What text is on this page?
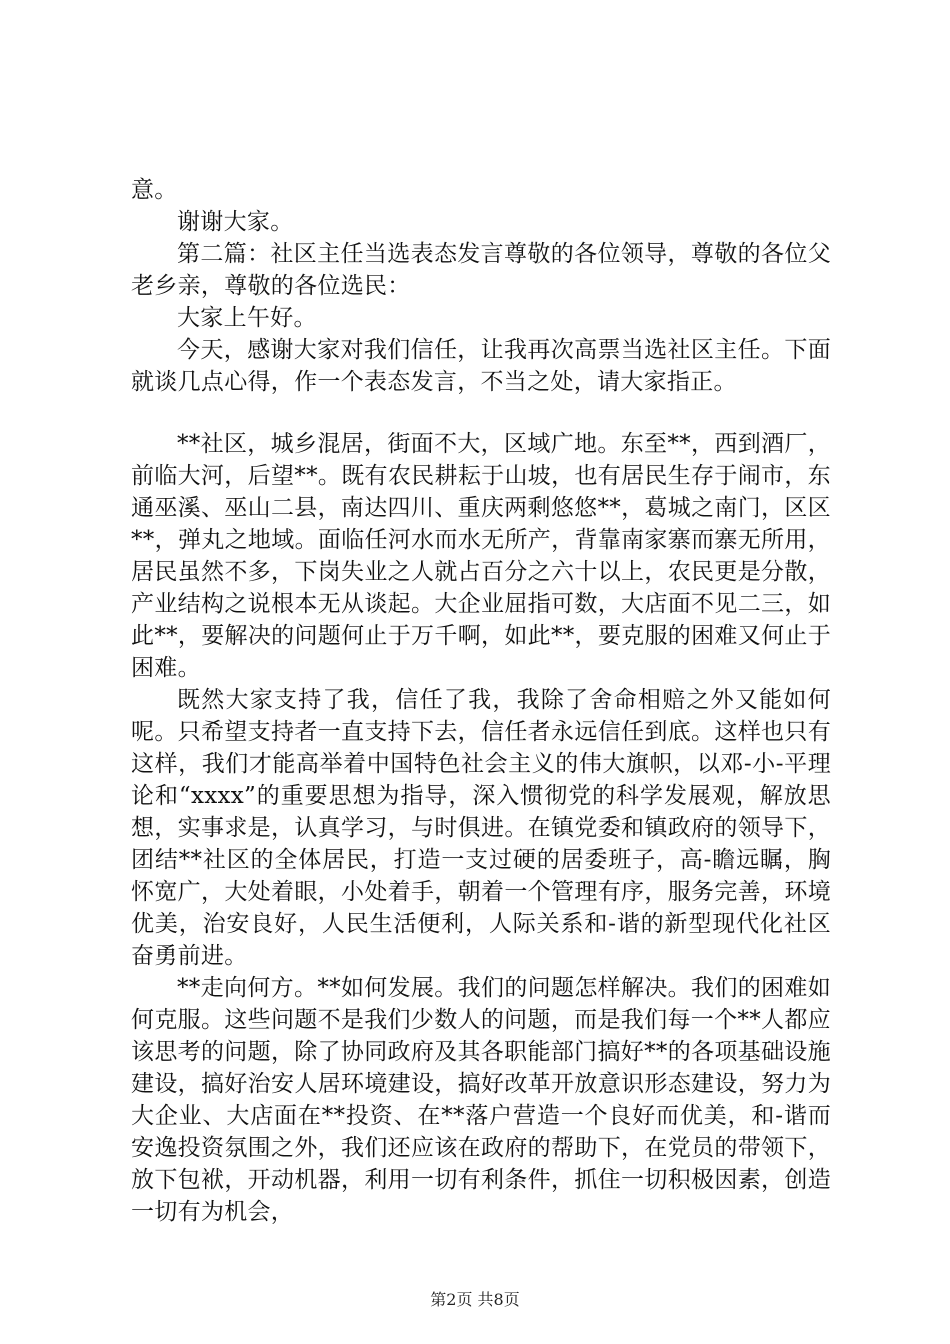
意。

谢谢大家。

第二篇：社区主任当选表态发言尊敬的各位领导，尊敬的各位父老乡亲，尊敬的各位选民：

大家上午好。

今天，感谢大家对我们信任，让我再次高票当选社区主任。下面就谈几点心得，作一个表态发言，不当之处，请大家指正。

**社区，城乡混居，街面不大，区域广地。东至**，西到酒厂，前临大河，后望**。既有农民耕耘于山坡，也有居民生存于闹市，东通巫溪、巫山二县，南达四川、重庆两剩悠悠**，葛城之南门，区区**，弹丸之地域。面临任河水而水无所产，背靠南家寨而寨无所用，居民虽然不多，下岗失业之人就占百分之六十以上，农民更是分散，产业结构之说根本无从谈起。大企业屈指可数，大店面不见二三，如此**，要解决的问题何止于万千啊，如此**，要克服的困难又何止于困难。

既然大家支持了我，信任了我，我除了舍命相赔之外又能如何呢。只希望支持者一直支持下去，信任者永远信任到底。这样也只有这样，我们才能高举着中国特色社会主义的伟大旗帜，以邓-小-平理论和“xxxx”的重要思想为指导，深入惯彻党的科学发展观，解放思想，实事求是，认真学习，与时俱进。在镇党委和镇政府的领导下，团结**社区的全体居民，打造一支过硬的居委班子，高-瞻远瞩，胸怀宽广，大处着眼，小处着手，朝着一个管理有序，服务完善，环境优美，治安良好，人民生活便利，人际关系和-谐的新型现代化社区奋勇前进。

**走向何方。**如何发展。我们的问题怎样解决。我们的困难如何克服。这些问题不是我们少数人的问题，而是我们每一个**人都应该思考的问题，除了协同政府及其各职能部门搞好**的各项基础设施建设，搞好治安人居环境建设，搞好改革开放意识形态建设，努力为大企业、大店面在**投资、在**落户营造一个良好而优美，和-谐而安逸投资氛围之外，我们还应该在政府的帮助下，在党员的带领下，放下包袱，开动机器，利用一切有利条件，抓住一切积极因素，创造一切有为机会，

第2页 共8页
